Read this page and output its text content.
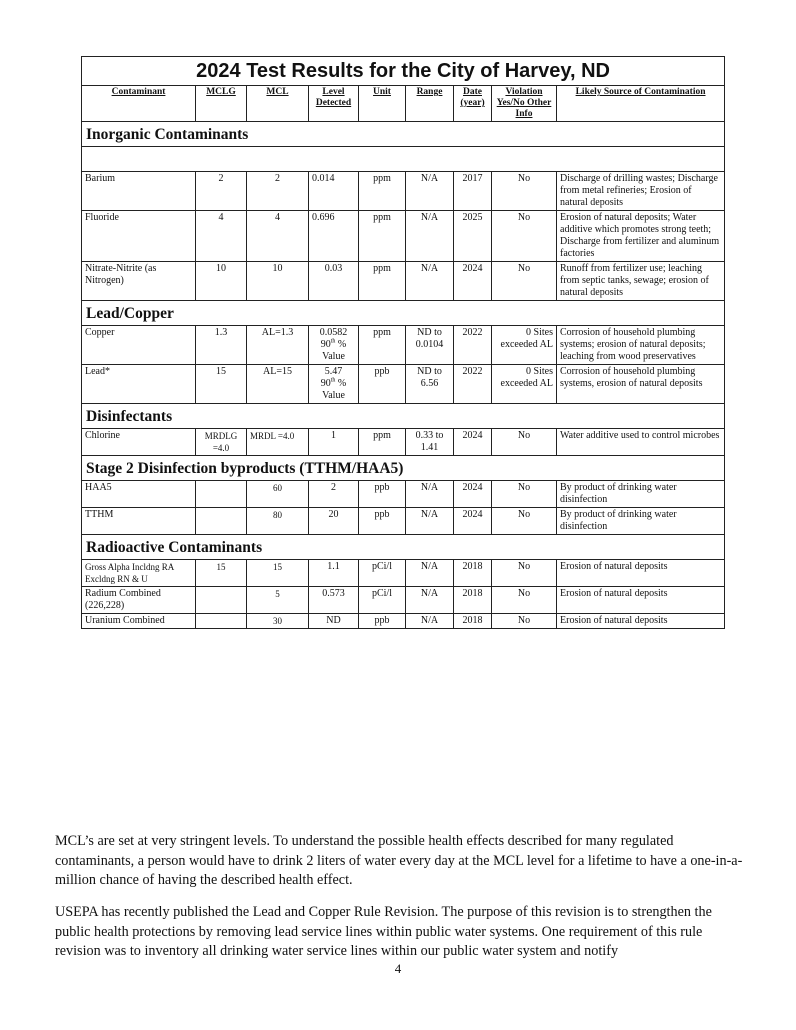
2024 Test Results for the City of Harvey, ND								
Contaminant	MCLG	MCL	Level Detected	Unit	Range	Date (year)	Violation Yes/No Other Info	Likely Source of Contamination
Inorganic Contaminants								

Barium	2	2	0.014	ppm	N/A	2017	No	Discharge of drilling wastes; Discharge from metal refineries; Erosion of natural deposits
Fluoride	4	4	0.696	ppm	N/A	2025	No	Erosion of natural deposits; Water additive which promotes strong teeth; Discharge from fertilizer and aluminum factories
Nitrate-Nitrite (as Nitrogen)	10	10	0.03	ppm	N/A	2024	No	Runoff from fertilizer use; leaching from septic tanks, sewage; erosion of natural deposits
Lead/Copper								
Copper	1.3	AL=1.3	0.0582
90th %
Value	ppm	ND to 0.0104	2022	0 Sites exceeded AL	Corrosion of household plumbing systems; erosion of natural deposits; leaching from wood preservatives
Lead*	15	AL=15	5.47
90th %
Value	ppb	ND to 6.56	2022	0 Sites exceeded AL	Corrosion of household plumbing systems, erosion of natural deposits
Disinfectants								
Chlorine	MRDLG =4.0	MRDL =4.0	1	ppm	0.33 to 1.41	2024	No	Water additive used to control microbes
Stage 2 Disinfection byproducts (TTHM/HAA5)								
HAA5		60	2	ppb	N/A	2024	No	By product of drinking water disinfection
TTHM		80	20	ppb	N/A	2024	No	By product of drinking water disinfection
Radioactive Contaminants								
Gross Alpha Incldng RA Excldng RN & U	15	15	1.1	pCi/l	N/A	2018	No	Erosion of natural deposits
Radium Combined (226,228)		5	0.573	pCi/l	N/A	2018	No	Erosion of natural deposits
Uranium Combined		30	ND	ppb	N/A	2018	No	Erosion of natural deposits

MCL’s are set at very stringent levels. To understand the possible health effects described for many regulated contaminants, a person would have to drink 2 liters of water every day at the MCL level for a lifetime to have a one-in-a-million chance of having the described health effect.

USEPA has recently published the Lead and Copper Rule Revision. The purpose of this revision is to strengthen the public health protections by removing lead service lines within public water systems. One requirement of this rule revision was to inventory all drinking water service lines within our public water system and notify

4
